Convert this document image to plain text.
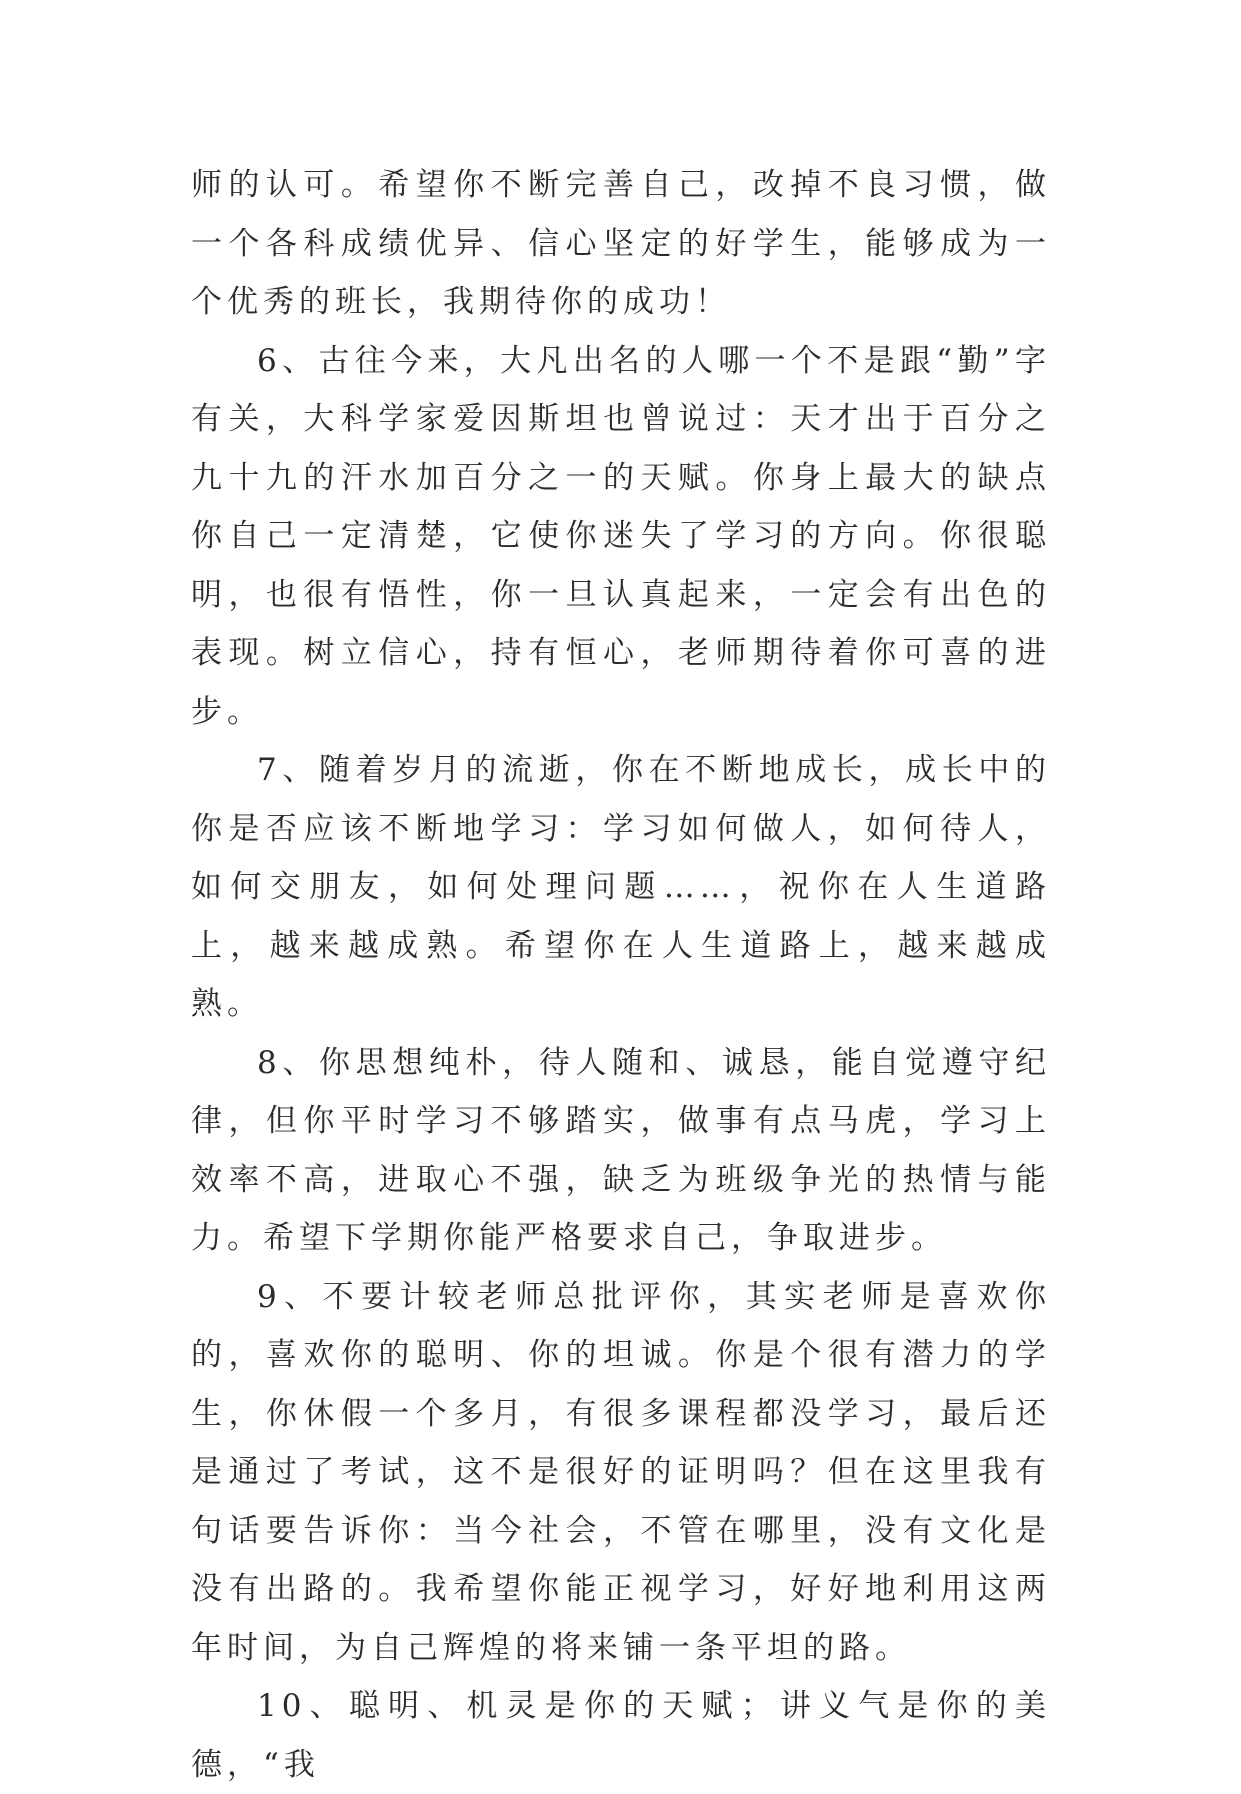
师的认可。希望你不断完善自己，改掉不良习惯，做一个各科成绩优异、信心坚定的好学生，能够成为一个优秀的班长，我期待你的成功！

6、古往今来，大凡出名的人哪一个不是跟“勤”字有关，大科学家爱因斯坦也曾说过：天才出于百分之九十九的汗水加百分之一的天赋。你身上最大的缺点你自己一定清楚，它使你迷失了学习的方向。你很聪明，也很有悟性，你一旦认真起来，一定会有出色的表现。树立信心，持有恒心，老师期待着你可喜的进步。

7、随着岁月的流逝，你在不断地成长，成长中的你是否应该不断地学习：学习如何做人，如何待人，如何交朋友，如何处理问题……，祝你在人生道路上，越来越成熟。希望你在人生道路上，越来越成熟。

8、你思想纯朴，待人随和、诚恳，能自觉遵守纪律，但你平时学习不够踏实，做事有点马虎，学习上效率不高，进取心不强，缺乏为班级争光的热情与能力。希望下学期你能严格要求自己，争取进步。

9、不要计较老师总批评你，其实老师是喜欢你的，喜欢你的聪明、你的坦诚。你是个很有潜力的学生，你休假一个多月，有很多课程都没学习，最后还是通过了考试，这不是很好的证明吗？但在这里我有句话要告诉你：当今社会，不管在哪里，没有文化是没有出路的。我希望你能正视学习，好好地利用这两年时间，为自己辉煌的将来铺一条平坦的路。

10、聪明、机灵是你的天赋；讲义气是你的美德，“我
